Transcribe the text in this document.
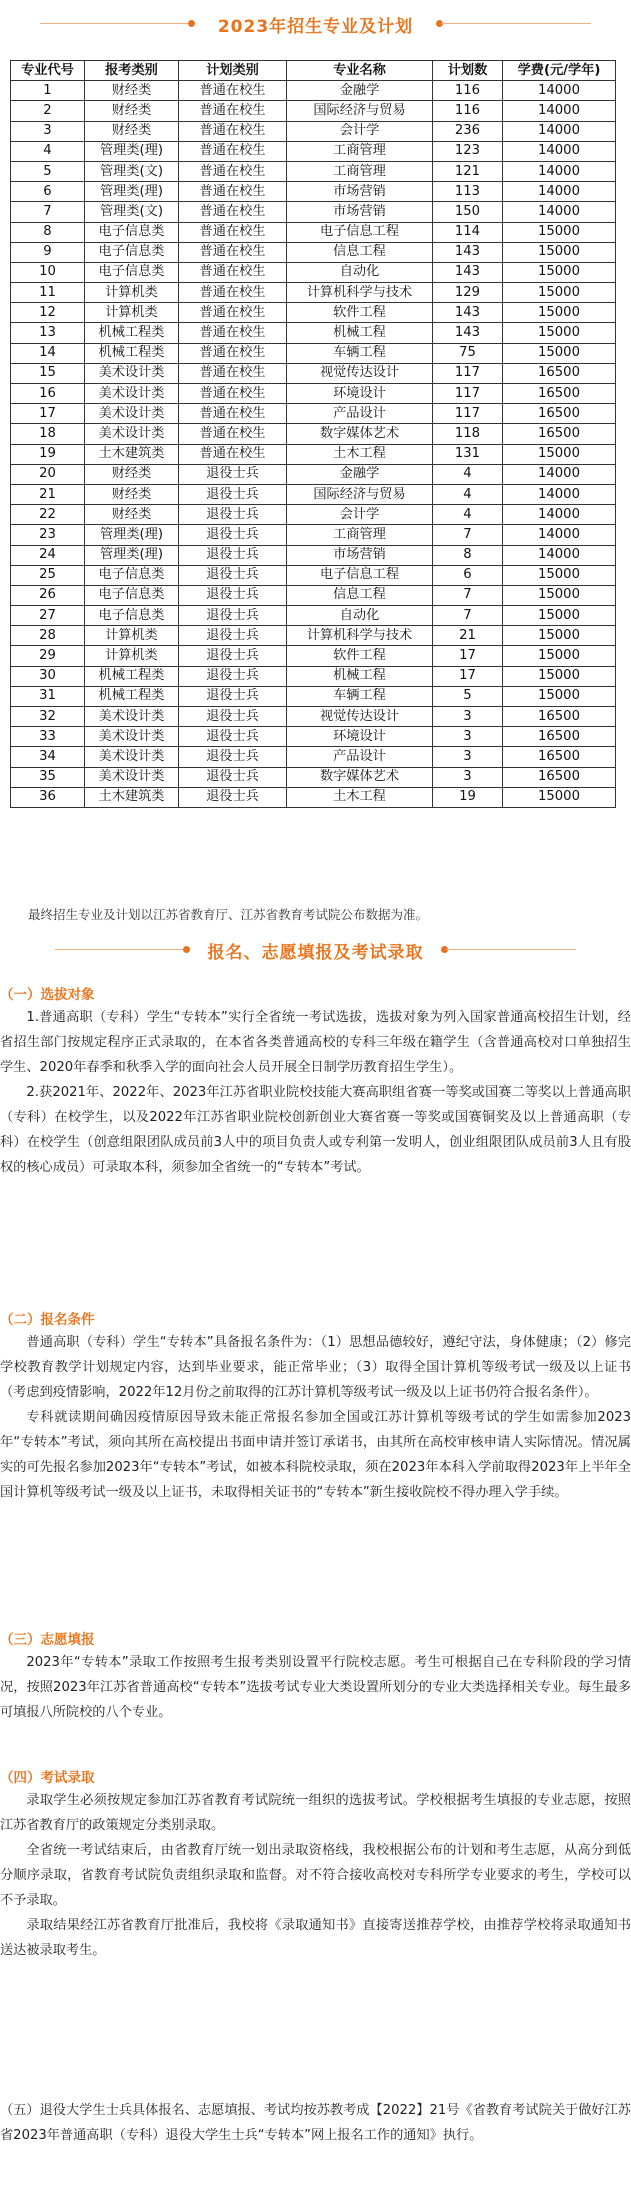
2023年招生专业及计划
专业代号	报考类别	计划类别	专业名称	计划数	学费(元/学年)
1	财经类	普通在校生	金融学	116	14000
2	财经类	普通在校生	国际经济与贸易	116	14000
3	财经类	普通在校生	会计学	236	14000
4	管理类(理)	普通在校生	工商管理	123	14000
5	管理类(文)	普通在校生	工商管理	121	14000
6	管理类(理)	普通在校生	市场营销	113	14000
7	管理类(文)	普通在校生	市场营销	150	14000
8	电子信息类	普通在校生	电子信息工程	114	15000
9	电子信息类	普通在校生	信息工程	143	15000
10	电子信息类	普通在校生	自动化	143	15000
11	计算机类	普通在校生	计算机科学与技术	129	15000
12	计算机类	普通在校生	软件工程	143	15000
13	机械工程类	普通在校生	机械工程	143	15000
14	机械工程类	普通在校生	车辆工程	75	15000
15	美术设计类	普通在校生	视觉传达设计	117	16500
16	美术设计类	普通在校生	环境设计	117	16500
17	美术设计类	普通在校生	产品设计	117	16500
18	美术设计类	普通在校生	数字媒体艺术	118	16500
19	土木建筑类	普通在校生	土木工程	131	15000
20	财经类	退役士兵	金融学	4	14000
21	财经类	退役士兵	国际经济与贸易	4	14000
22	财经类	退役士兵	会计学	4	14000
23	管理类(理)	退役士兵	工商管理	7	14000
24	管理类(理)	退役士兵	市场营销	8	14000
25	电子信息类	退役士兵	电子信息工程	6	15000
26	电子信息类	退役士兵	信息工程	7	15000
27	电子信息类	退役士兵	自动化	7	15000
28	计算机类	退役士兵	计算机科学与技术	21	15000
29	计算机类	退役士兵	软件工程	17	15000
30	机械工程类	退役士兵	机械工程	17	15000
31	机械工程类	退役士兵	车辆工程	5	15000
32	美术设计类	退役士兵	视觉传达设计	3	16500
33	美术设计类	退役士兵	环境设计	3	16500
34	美术设计类	退役士兵	产品设计	3	16500
35	美术设计类	退役士兵	数字媒体艺术	3	16500
36	土木建筑类	退役士兵	土木工程	19	15000
最终招生专业及计划以江苏省教育厅、江苏省教育考试院公布数据为准。
报名、志愿填报及考试录取
（一）选拔对象

1.普通高职（专科）学生“专转本”实行全省统一考试选拔，选拔对象为列入国家普通高校招生计划，经省招生部门按规定程序正式录取的，在本省各类普通高校的专科三年级在籍学生（含普通高校对口单独招生学生、2020年春季和秋季入学的面向社会人员开展全日制学历教育招生学生）。

2.获2021年、2022年、2023年江苏省职业院校技能大赛高职组省赛一等奖或国赛二等奖以上普通高职（专科）在校学生，以及2022年江苏省职业院校创新创业大赛省赛一等奖或国赛铜奖及以上普通高职（专科）在校学生（创意组限团队成员前3人中的项目负责人或专利第一发明人，创业组限团队成员前3人且有股权的核心成员）可录取本科，须参加全省统一的“专转本”考试。

（二）报名条件

普通高职（专科）学生“专转本”具备报名条件为：（1）思想品德较好，遵纪守法，身体健康；（2）修完学校教育教学计划规定内容，达到毕业要求，能正常毕业；（3）取得全国计算机等级考试一级及以上证书（考虑到疫情影响，2022年12月份之前取得的江苏计算机等级考试一级及以上证书仍符合报名条件）。

专科就读期间确因疫情原因导致未能正常报名参加全国或江苏计算机等级考试的学生如需参加2023年“专转本”考试，须向其所在高校提出书面申请并签订承诺书，由其所在高校审核申请人实际情况。情况属实的可先报名参加2023年“专转本”考试，如被本科院校录取，须在2023年本科入学前取得2023年上半年全国计算机等级考试一级及以上证书，未取得相关证书的“专转本”新生接收院校不得办理入学手续。

（三）志愿填报

2023年“专转本”录取工作按照考生报考类别设置平行院校志愿。考生可根据自己在专科阶段的学习情况，按照2023年江苏省普通高校“专转本”选拔考试专业大类设置所划分的专业大类选择相关专业。每生最多可填报八所院校的八个专业。

（四）考试录取

录取学生必须按规定参加江苏省教育考试院统一组织的选拔考试。学校根据考生填报的专业志愿，按照江苏省教育厅的政策规定分类别录取。

全省统一考试结束后，由省教育厅统一划出录取资格线，我校根据公布的计划和考生志愿，从高分到低分顺序录取，省教育考试院负责组织录取和监督。对不符合接收高校对专科所学专业要求的考生，学校可以不予录取。

录取结果经江苏省教育厅批准后，我校将《录取通知书》直接寄送推荐学校，由推荐学校将录取通知书送达被录取考生。

（五）退役大学生士兵具体报名、志愿填报、考试均按苏教考成【2022】21号《省教育考试院关于做好江苏省2023年普通高职（专科）退役大学生士兵“专转本”网上报名工作的通知》执行。
